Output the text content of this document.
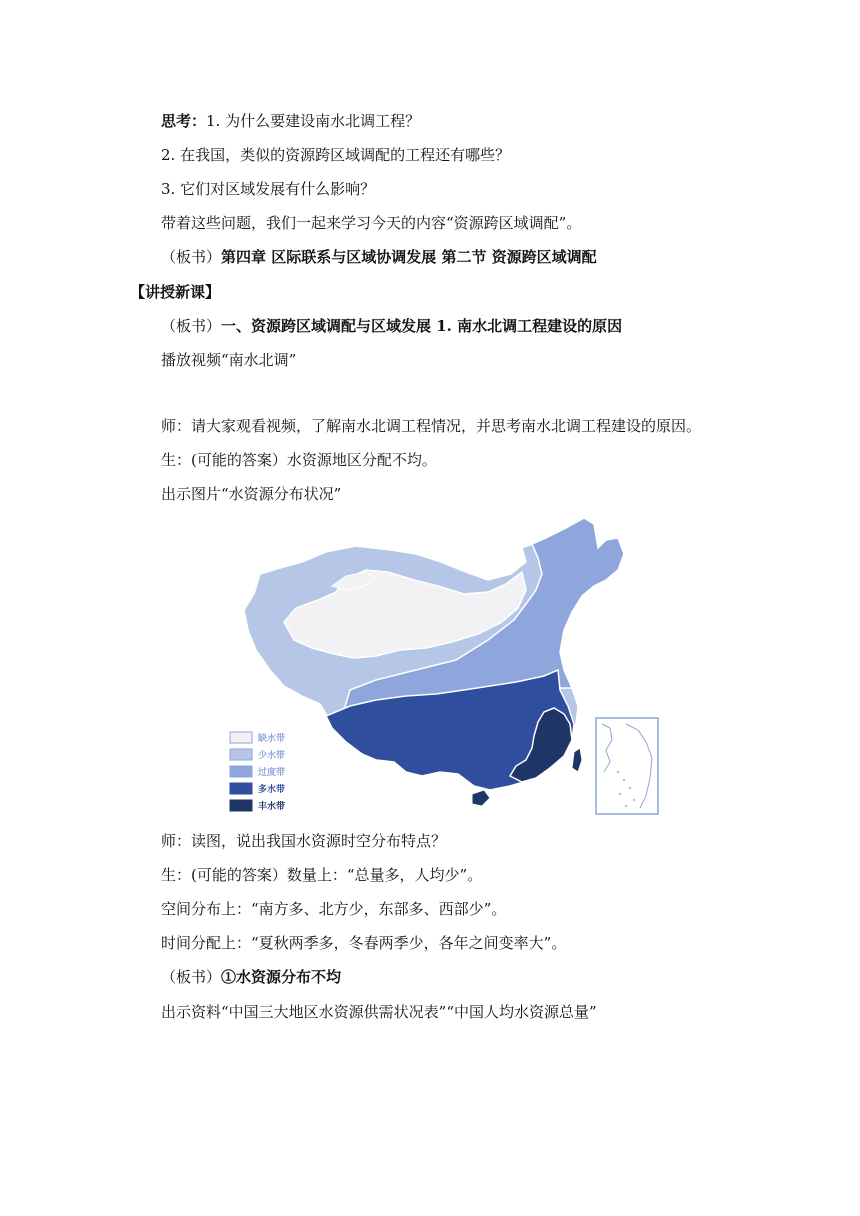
思考：1. 为什么要建设南水北调工程？
2. 在我国，类似的资源跨区域调配的工程还有哪些？
3. 它们对区域发展有什么影响？
带着这些问题，我们一起来学习今天的内容“资源跨区域调配”。
（板书）第四章 区际联系与区域协调发展 第二节 资源跨区域调配
【讲授新课】
（板书）一、资源跨区域调配与区域发展 1. 南水北调工程建设的原因
播放视频“南水北调”
师：请大家观看视频，了解南水北调工程情况，并思考南水北调工程建设的原因。
生：(可能的答案）水资源地区分配不均。
出示图片“水资源分布状况”
缺水带
少水带
过度带
多水带
丰水带
师：读图，说出我国水资源时空分布特点？
生：(可能的答案）数量上：“总量多，人均少”。
空间分布上：“南方多、北方少，东部多、西部少”。
时间分配上：“夏秋两季多，冬春两季少，各年之间变率大”。
（板书）①水资源分布不均
出示资料“中国三大地区水资源供需状况表”“中国人均水资源总量”
